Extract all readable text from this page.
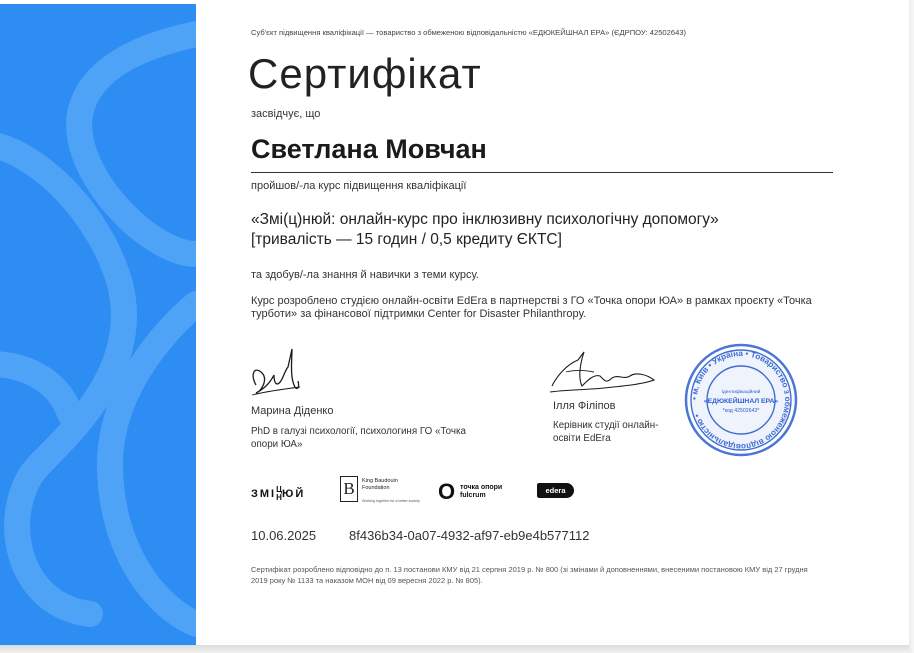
Суб'єкт підвищення кваліфікації — товариство з обмеженою відповідальністю «ЕДЮКЕЙШНАЛ ЕРА» (ЄДРПОУ: 42502643)
Сертифікат
засвідчує, що
Светлана Мовчан
пройшов/-ла курс підвищення кваліфікації
«Змі(ц)нюй: онлайн-курс про інклюзивну психологічну допомогу»
[тривалість — 15 годин / 0,5 кредиту ЄКТС]
та здобув/-ла знання й навички з теми курсу.
Курс розроблено студією онлайн-освіти EdEra в партнерстві з ГО «Точка опори ЮА» в рамках проєкту «Точка турботи» за фінансової підтримки Center for Disaster Philanthropy.
Марина Діденко
PhD в галузі психології, психологиня ГО «Точка опори ЮА»
Ілля Філіпов
Керівник студії онлайн-освіти EdEra
• м. Київ • Україна • Товариство з обмеженою відповідальністю •
Ідентифікаційний
«ЕДЮКЕЙШНАЛ ЕРА»
*код 42502643*
ЗМІ Ц
Н ЮЙ B	King Baudouin
Foundation
Working together for a better society O точка опори
fulcrum
edera
10.06.2025	8f436b34-0a07-4932-af97-eb9e4b577112
Сертифікат розроблено відповідно до п. 13 постанови КМУ від 21 серпня 2019 р. № 800 (зі змінами й доповненнями, внесеними постановою КМУ від 27 грудня 2019 року № 1133 та наказом МОН від 09 вересня 2022 р. № 805).
